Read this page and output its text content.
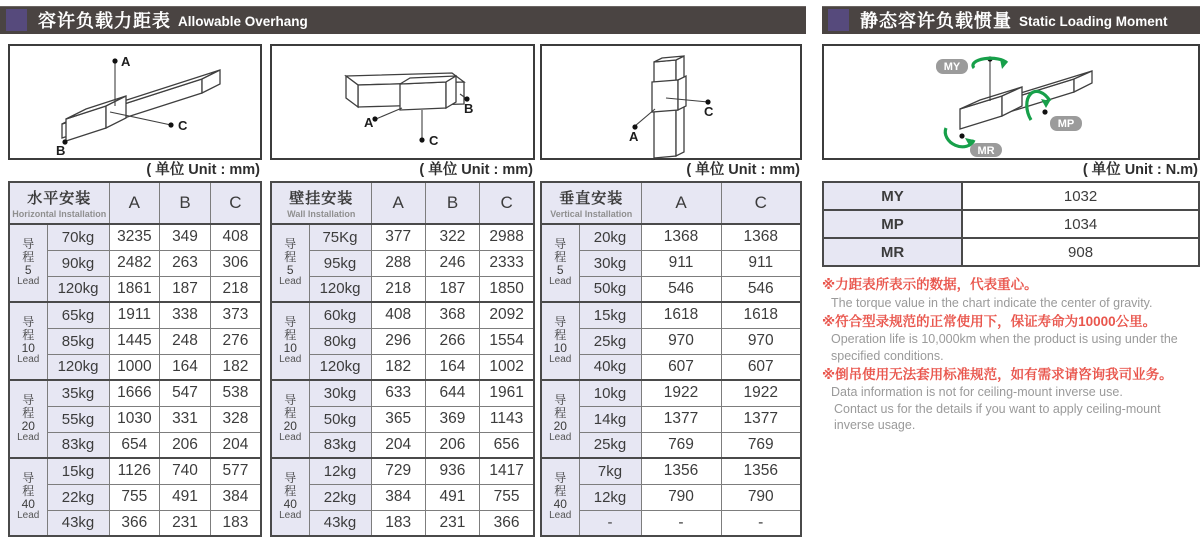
容许负载力距表 Allowable Overhang	静态容许负载惯量 Static Loading Moment
A
B
C
( 单位 Unit : mm)
水平安装
Horizontal Installation		A	B	C

导
程
5
Lead	70kg	3235	349	408
	90kg	2482	263	306
	120kg	1861	187	218

导
程
10
Lead	65kg	1911	338	373
	85kg	1445	248	276
	120kg	1000	164	182

导
程
20
Lead	35kg	1666	547	538
	55kg	1030	331	328
	83kg	654	206	204

导
程
40
Lead	15kg	1126	740	577
	22kg	755	491	384
	43kg	366	231	183
A
B
C
( 单位 Unit : mm)
壁挂安装
Wall Installation		A	B	C

导
程
5
Lead	75Kg	377	322	2988
	95kg	288	246	2333
	120kg	218	187	1850

导
程
10
Lead	60kg	408	368	2092
	80kg	296	266	1554
	120kg	182	164	1002

导
程
20
Lead	30kg	633	644	1961
	50kg	365	369	1143
	83kg	204	206	656

导
程
40
Lead	12kg	729	936	1417
	22kg	384	491	755
	43kg	183	231	366
A
C
( 单位 Unit : mm)
垂直安装
Vertical Installation		A	C

导
程
5
Lead	20kg	1368	1368
	30kg	911	911
	50kg	546	546

导
程
10
Lead	15kg	1618	1618
	25kg	970	970
	40kg	607	607

导
程
20
Lead	10kg	1922	1922
	14kg	1377	1377
	25kg	769	769

导
程
40
Lead	7kg	1356	1356
	12kg	790	790
	-	-	-
MY
MP
MR
( 单位 Unit : N.m)
MY	1032
MP	1034
MR	908
※力距表所表示的数据，代表重心。
The torque value in the chart indicate the center of gravity.
※符合型录规范的正常使用下，保证寿命为10000公里。
Operation life is 10,000km when the product is using under the specified conditions.
※倒吊使用无法套用标准规范，如有需求请咨询我司业务。
Data information is not for ceiling-mount inverse use.
Contact us for the details if you want to apply ceiling-mount inverse usage.
